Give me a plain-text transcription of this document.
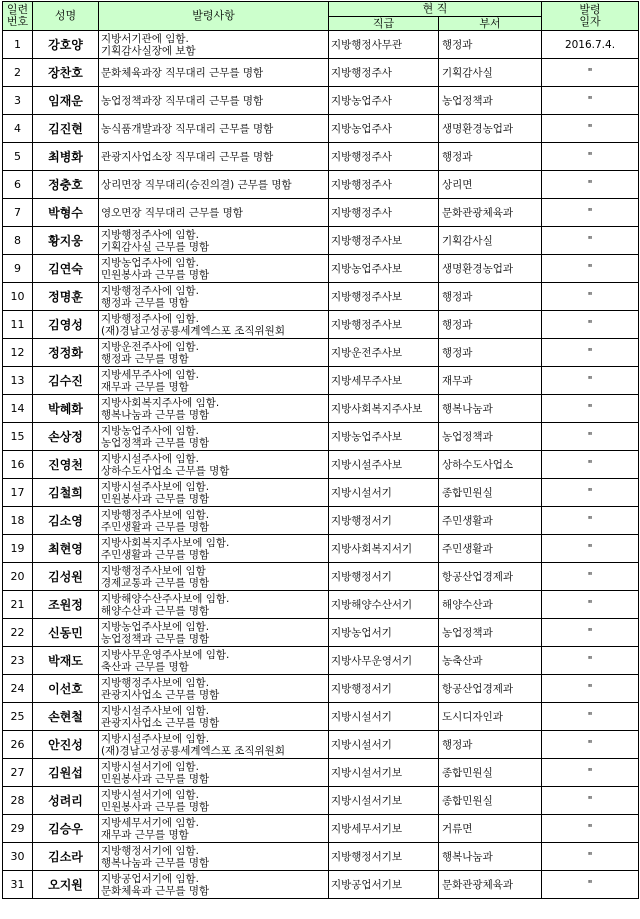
일련
번호	성명	발령사항	현 직		발령
일자

			직급	부서	
1	강호양	지방서기관에 임함.
기획감사실장에 보함	지방행정사무관	행정과	2016.7.4.
2	장찬호	문화체육과장 직무대리 근무를 명함	지방행정주사	기획감사실	"
3	임재운	농업정책과장 직무대리 근무를 명함	지방농업주사	농업정책과	"
4	김진현	농식품개발과장 직무대리 근무를 명함	지방농업주사	생명환경농업과	"
5	최병화	관광지사업소장 직무대리 근무를 명함	지방행정주사	행정과	"
6	정충호	상리면장 직무대리(승진의결) 근무를 명함	지방행정주사	상리면	"
7	박형수	영오면장 직무대리 근무를 명함	지방행정주사	문화관광체육과	"
8	황지웅	지방행정주사에 임함.
기획감사실 근무를 명함	지방행정주사보	기획감사실	"
9	김연숙	지방농업주사에 임함.
민원봉사과 근무를 명함	지방농업주사보	생명환경농업과	"
10	정명훈	지방행정주사에 임함.
행정과 근무를 명함	지방행정주사보	행정과	"
11	김영성	지방행정주사에 임함.
(재)경남고성공룡세계엑스포 조직위원회	지방행정주사보	행정과	"
12	정정화	지방운전주사에 임함.
행정과 근무를 명함	지방운전주사보	행정과	"
13	김수진	지방세무주사에 임함.
재무과 근무를 명함	지방세무주사보	재무과	"
14	박혜화	지방사회복지주사에 임함.
행복나눔과 근무를 명함	지방사회복지주사보	행복나눔과	"
15	손상정	지방농업주사에 임함.
농업정책과 근무를 명함	지방농업주사보	농업정책과	"
16	진영천	지방시설주사에 임함.
상하수도사업소 근무를 명함	지방시설주사보	상하수도사업소	"
17	김철희	지방시설주사보에 임함.
민원봉사과 근무를 명함	지방시설서기	종합민원실	"
18	김소영	지방행정주사보에 임함.
주민생활과 근무를 명함	지방행정서기	주민생활과	"
19	최현영	지방사회복지주사보에 임함.
주민생활과 근무를 명함	지방사회복지서기	주민생활과	"
20	김성원	지방행정주사보에 임함
경제교통과 근무를 명함	지방행정서기	항공산업경제과	"
21	조원정	지방해양수산주사보에 임함.
해양수산과 근무를 명함	지방해양수산서기	해양수산과	"
22	신동민	지방농업주사보에 임함.
농업정책과 근무를 명함	지방농업서기	농업정책과	"
23	박재도	지방사무운영주사보에 임함.
축산과 근무를 명함	지방사무운영서기	농축산과	"
24	이선호	지방행정주사보에 임함.
관광지사업소 근무를 명함	지방행정서기	항공산업경제과	"
25	손현철	지방시설주사보에 임함.
관광지사업소 근무를 명함	지방시설서기	도시디자인과	"
26	안진성	지방시설주사보에 임함.
(재)경남고성공룡세계엑스포 조직위원회	지방시설서기	행정과	"
27	김원섭	지방시설서기에 임함.
민원봉사과 근무를 명함	지방시설서기보	종합민원실	"
28	성려리	지방시설서기에 임함.
민원봉사과 근무를 명함	지방시설서기보	종합민원실	"
29	김승우	지방세무서기에 임함.
재무과 근무를 명함	지방세무서기보	거류면	"
30	김소라	지방행정서기에 임함.
행복나눔과 근무를 명함	지방행정서기보	행복나눔과	"
31	오지원	지방공업서기에 임함.
문화체육과 근무를 명함	지방공업서기보	문화관광체육과	"
